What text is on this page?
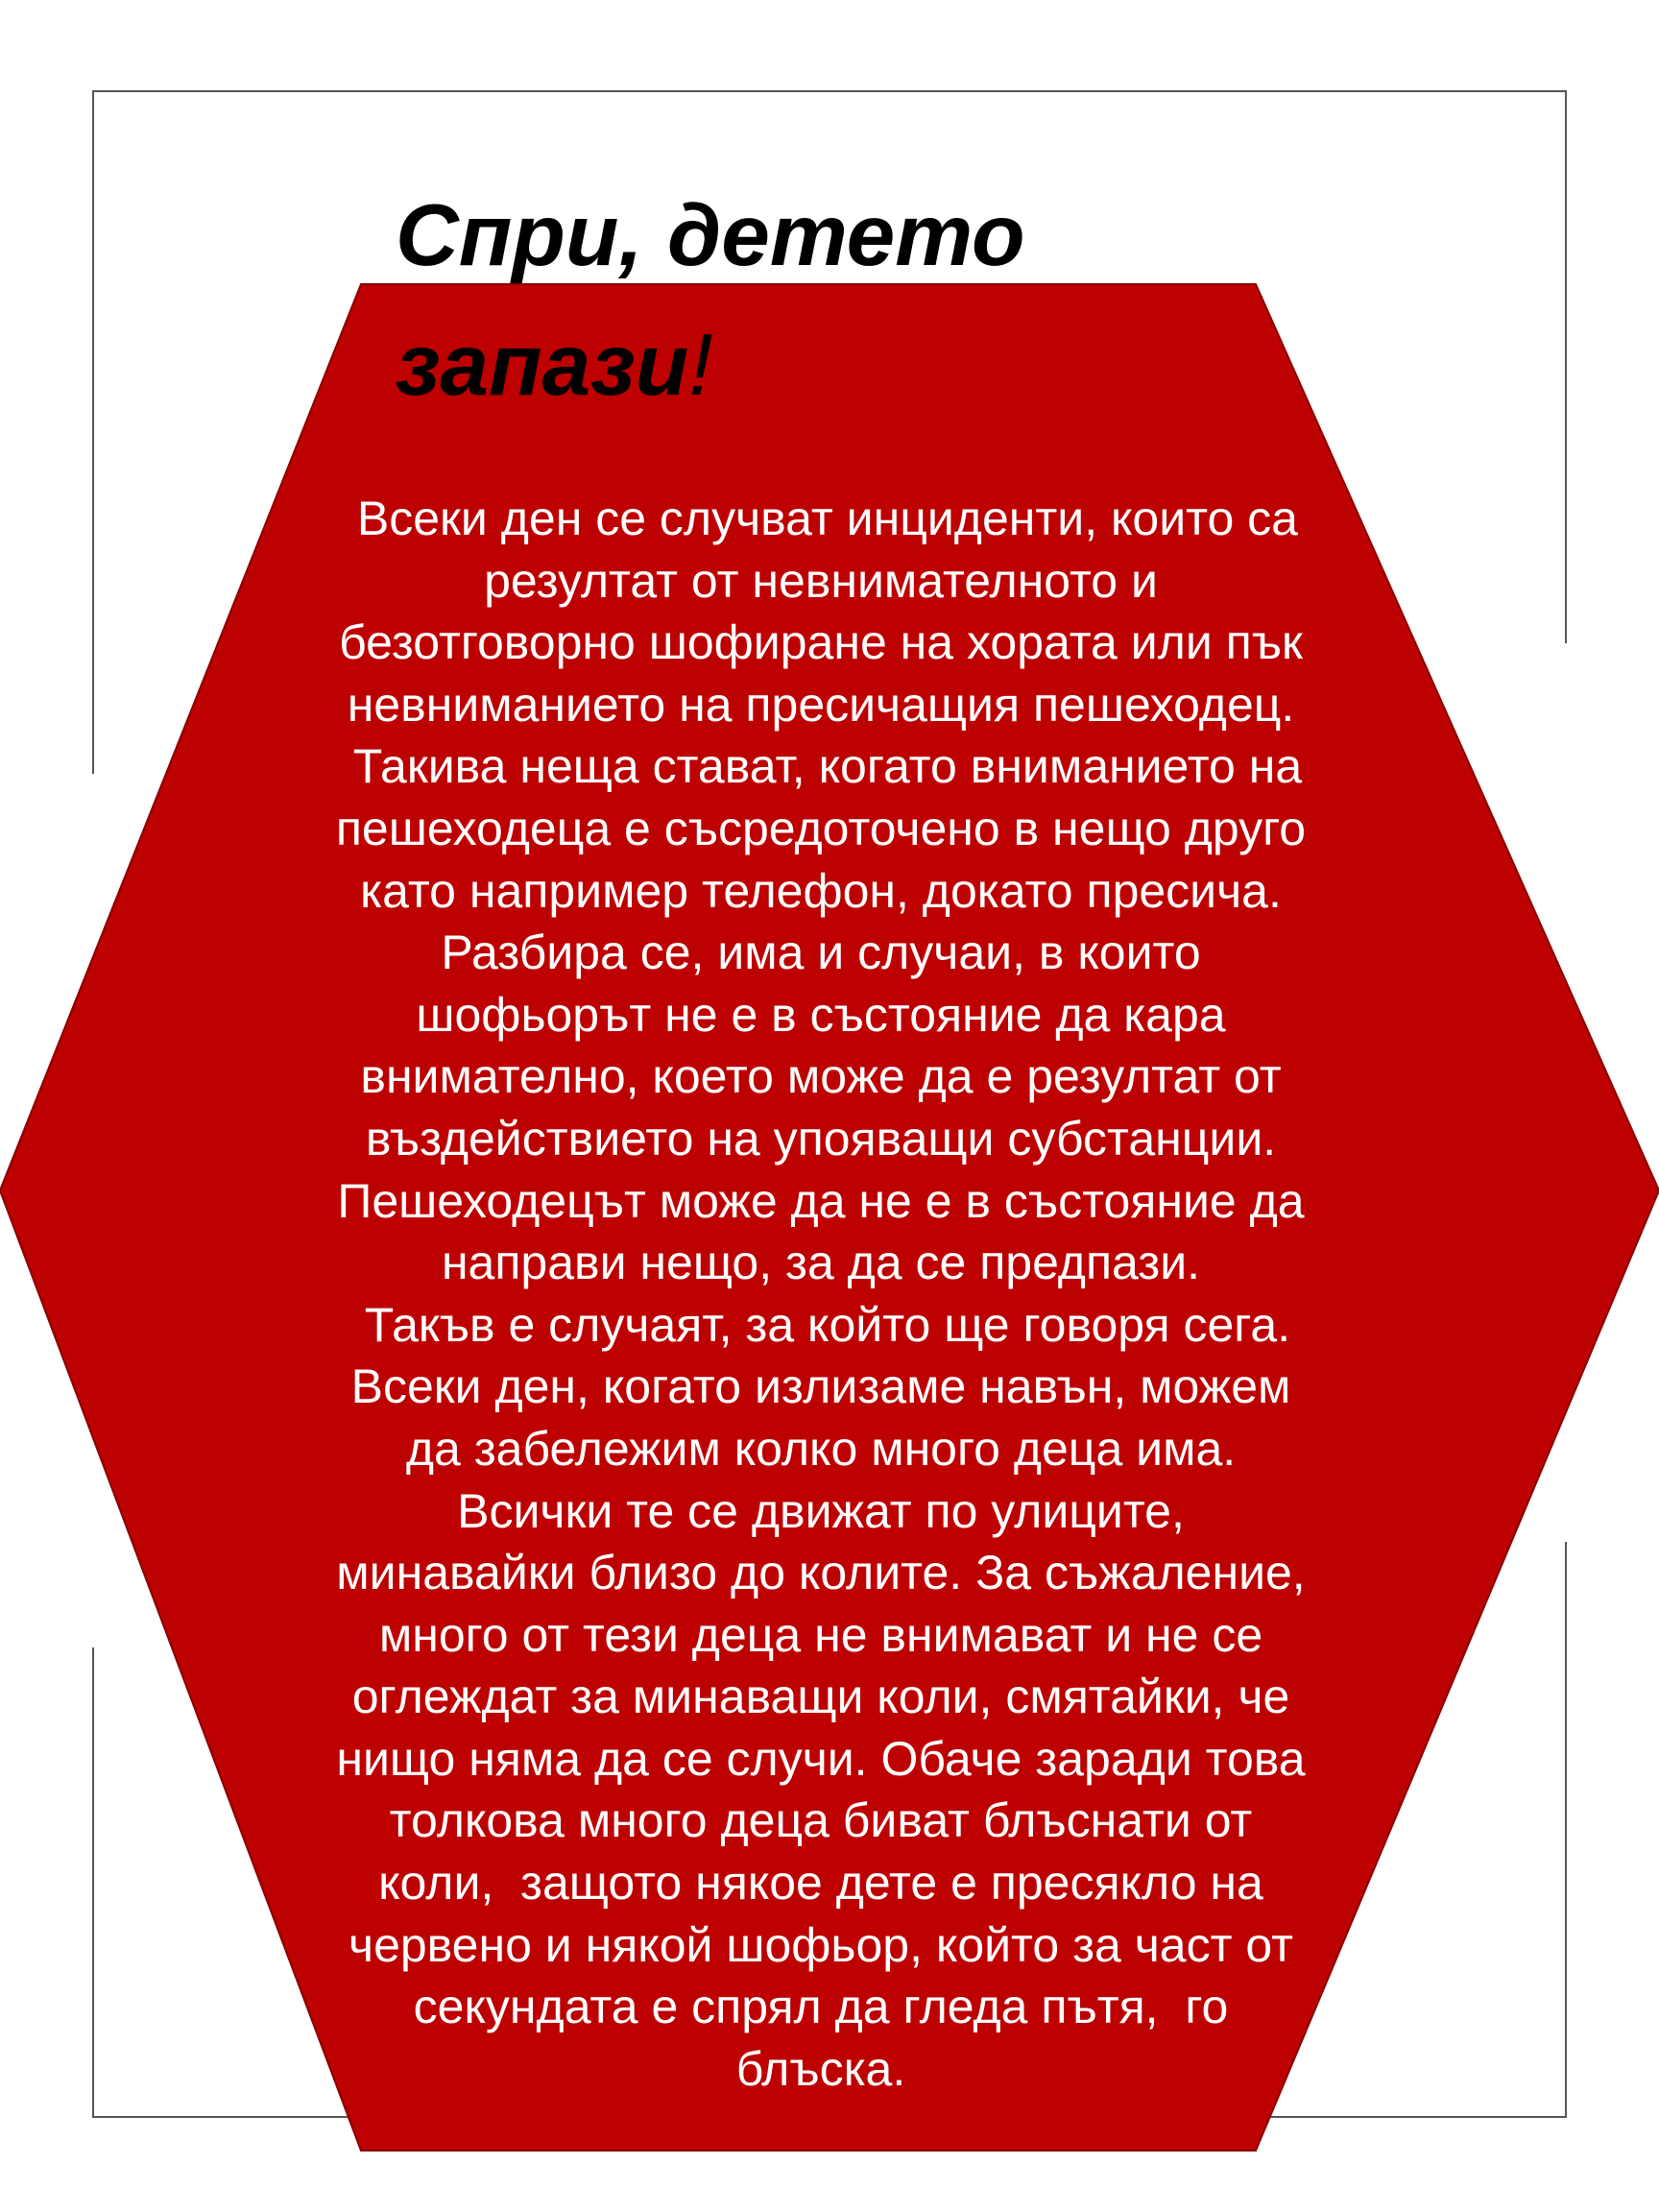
Спри, детето
запази!
Всеки ден се случват инциденти, които са
резултат от невнимателното и
безотговорно шофиране на хората или пък
невниманието на пресичащия пешеходец.
Такива неща стават, когато вниманието на
пешеходеца е съсредоточено в нещо друго
като например телефон, докато пресича.
Разбира се, има и случаи, в които
шофьорът не е в състояние да кара
внимателно, което може да е резултат от
въздействието на упояващи субстанции.
Пешеходецът може да не е в състояние да
направи нещо, за да се предпази.
Такъв е случаят, за който ще говоря сега.
Всеки ден, когато излизаме навън, можем
да забележим колко много деца има.
Всички те се движат по улиците,
минавайки близо до колите. За съжаление,
много от тези деца не внимават и не се
оглеждат за минаващи коли, смятайки, че
нищо няма да се случи. Обаче заради това
толкова много деца биват блъснати от
коли,  защото някое дете е пресякло на
червено и някой шофьор, който за част от
секундата е спрял да гледа пътя,  го
блъска.
